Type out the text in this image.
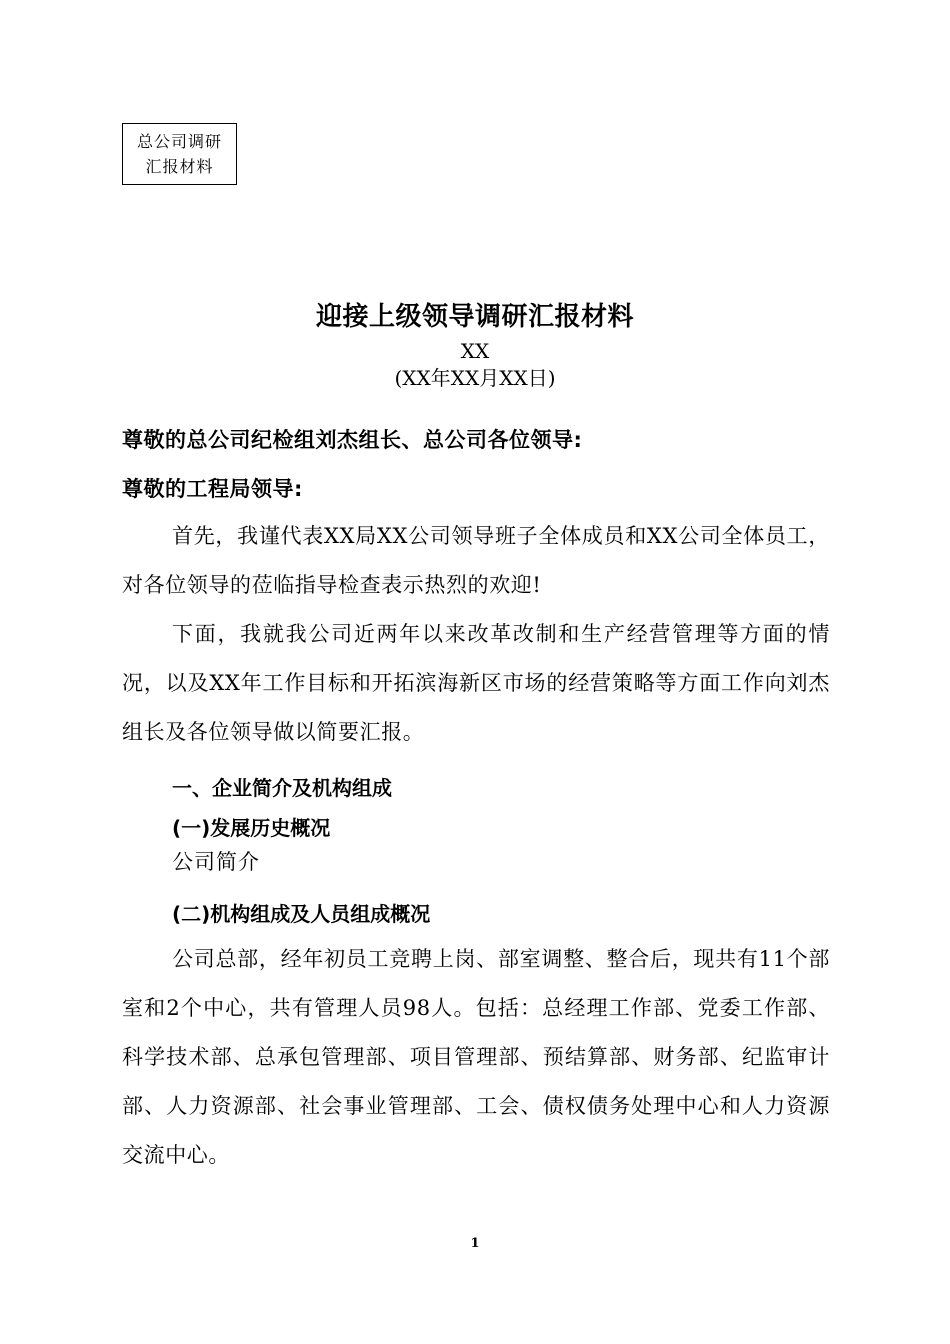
总公司调研
汇报材料
迎接上级领导调研汇报材料
XX
(XX年XX月XX日)
尊敬的总公司纪检组刘杰组长、总公司各位领导:
尊敬的工程局领导:

首先，我谨代表XX局XX公司领导班子全体成员和XX公司全体员工，对各位领导的莅临指导检查表示热烈的欢迎!

下面，我就我公司近两年以来改革改制和生产经营管理等方面的情况，以及XX年工作目标和开拓滨海新区市场的经营策略等方面工作向刘杰组长及各位领导做以简要汇报。

一、企业简介及机构组成
(一)发展历史概况
公司简介
(二)机构组成及人员组成概况

公司总部，经年初员工竞聘上岗、部室调整、整合后，现共有11个部室和2个中心，共有管理人员98人。包括：总经理工作部、党委工作部、科学技术部、总承包管理部、项目管理部、预结算部、财务部、纪监审计部、人力资源部、社会事业管理部、工会、债权债务处理中心和人力资源交流中心。

1
